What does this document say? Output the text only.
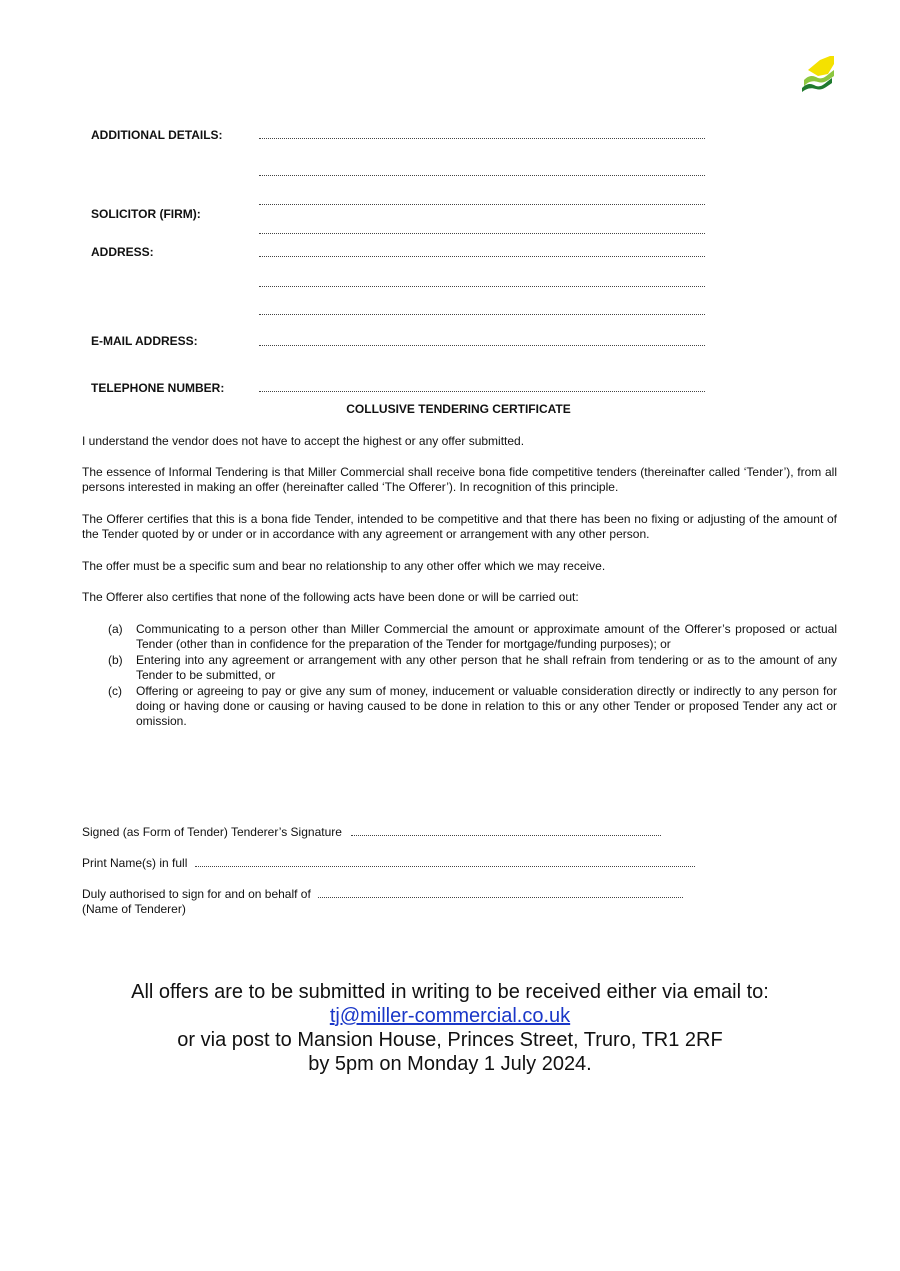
ADDITIONAL DETAILS:
SOLICITOR (FIRM):
ADDRESS:
E-MAIL ADDRESS:
TELEPHONE NUMBER:
COLLUSIVE TENDERING CERTIFICATE
I understand the vendor does not have to accept the highest or any offer submitted.
The essence of Informal Tendering is that Miller Commercial shall receive bona fide competitive tenders (thereinafter called ‘Tender’), from all persons interested in making an offer (hereinafter called ‘The Offerer’). In recognition of this principle.
The Offerer certifies that this is a bona fide Tender, intended to be competitive and that there has been no fixing or adjusting of the amount of the Tender quoted by or under or in accordance with any agreement or arrangement with any other person.
The offer must be a specific sum and bear no relationship to any other offer which we may receive.
The Offerer also certifies that none of the following acts have been done or will be carried out:
(a) Communicating to a person other than Miller Commercial the amount or approximate amount of the Offerer’s proposed or actual Tender (other than in confidence for the preparation of the Tender for mortgage/funding purposes); or
(b) Entering into any agreement or arrangement with any other person that he shall refrain from tendering or as to the amount of any Tender to be submitted, or
(c) Offering or agreeing to pay or give any sum of money, inducement or valuable consideration directly or indirectly to any person for doing or having done or causing or having caused to be done in relation to this or any other Tender or proposed Tender any act or omission.
Signed (as Form of Tender) Tenderer’s Signature
Print Name(s) in full
Duly authorised to sign for and on behalf of
(Name of Tenderer)
All offers are to be submitted in writing to be received either via email to:
tj@miller-commercial.co.uk
or via post to Mansion House, Princes Street, Truro, TR1 2RF
by 5pm on Monday 1 July 2024.
